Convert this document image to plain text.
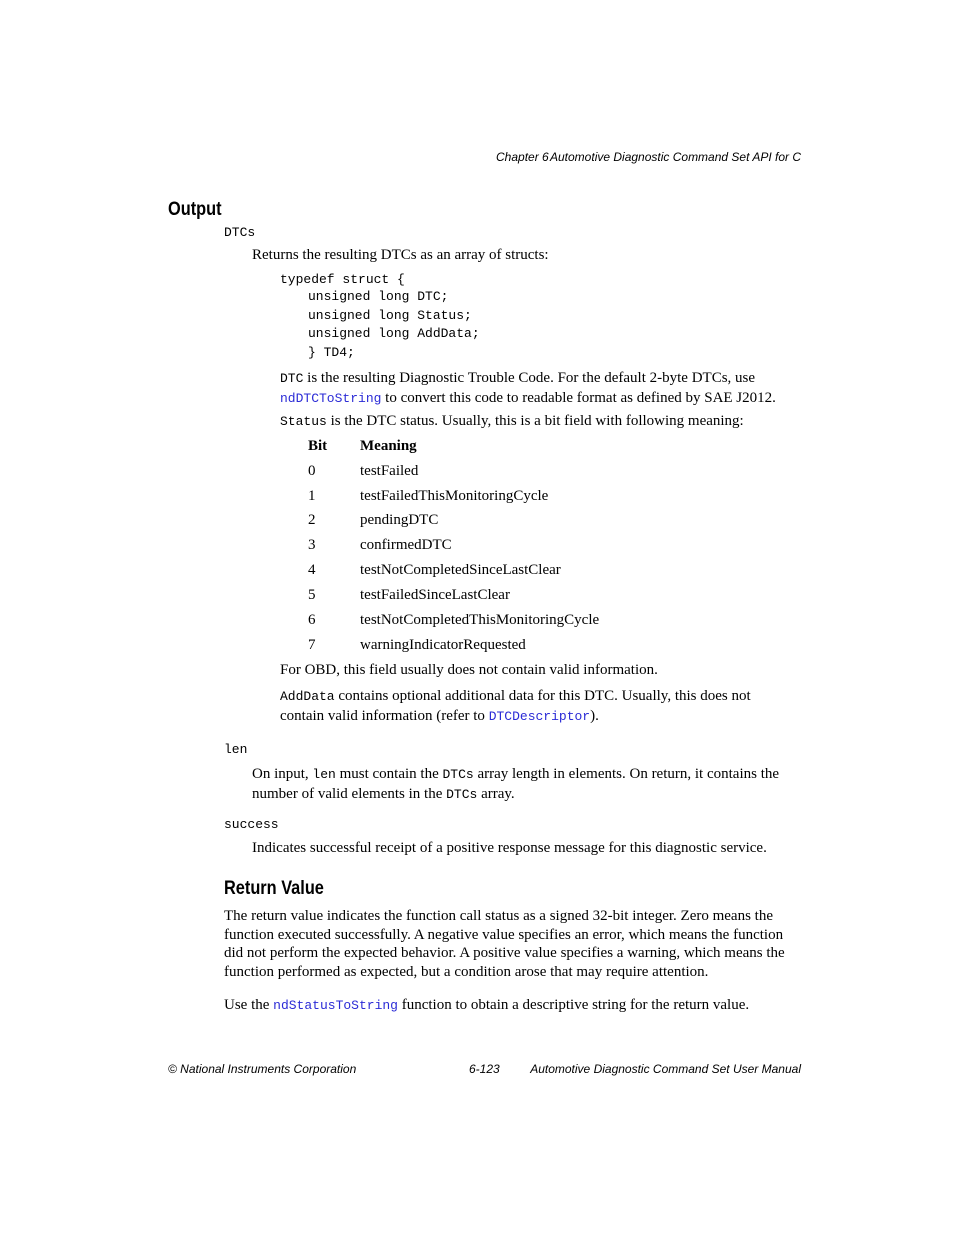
Chapter 6 Automotive Diagnostic Command Set API for C
Output
DTCs
Returns the resulting DTCs as an array of structs:
typedef struct {
unsigned long DTC;
unsigned long Status;
unsigned long AddData;
} TD4;
DTC is the resulting Diagnostic Trouble Code. For the default 2-byte DTCs, use
ndDTCToString to convert this code to readable format as defined by SAE J2012.
Status is the DTC status. Usually, this is a bit field with following meaning:
Bit Meaning
0	testFailed
1	testFailedThisMonitoringCycle
2	pendingDTC
3	confirmedDTC
4	testNotCompletedSinceLastClear
5	testFailedSinceLastClear
6	testNotCompletedThisMonitoringCycle
7	warningIndicatorRequested
For OBD, this field usually does not contain valid information.
AddData contains optional additional data for this DTC. Usually, this does not
contain valid information (refer to DTCDescriptor).
len
On input, len must contain the DTCs array length in elements. On return, it contains the
number of valid elements in the DTCs array.
success
Indicates successful receipt of a positive response message for this diagnostic service.
Return Value
The return value indicates the function call status as a signed 32-bit integer. Zero means the
function executed successfully. A negative value specifies an error, which means the function
did not perform the expected behavior. A positive value specifies a warning, which means the
function performed as expected, but a condition arose that may require attention.
Use the ndStatusToString function to obtain a descriptive string for the return value.
© National Instruments Corporation	6-123	Automotive Diagnostic Command Set User Manual
